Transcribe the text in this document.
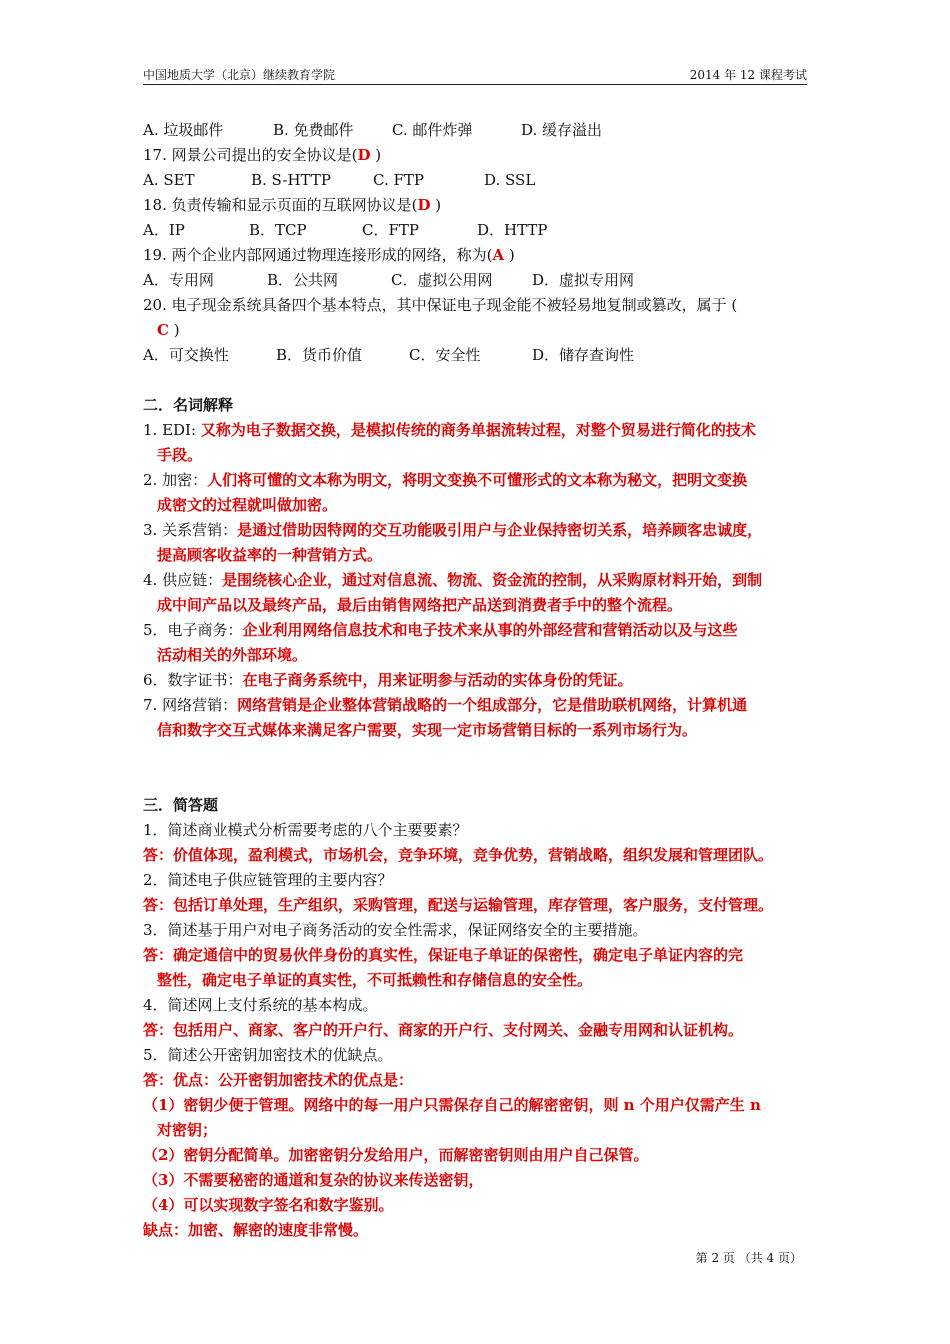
中国地质大学（北京）继续教育学院	2014 年 12 课程考试
A. 垃圾邮件	B. 免费邮件	C. 邮件炸弹	D. 缓存溢出
17. 网景公司提出的安全协议是(D )
A. SET	B. S-HTTP	C. FTP	D. SSL
18. 负责传输和显示页面的互联网协议是(D )
A．IP	B．TCP	C．FTP	D．HTTP
19. 两个企业内部网通过物理连接形成的网络，称为(A )
A．专用网	B．公共网	C．虚拟公用网	D．虚拟专用网
20. 电子现金系统具备四个基本特点，其中保证电子现金能不被轻易地复制或篡改，属于 (
C )
A．可交换性	B．货币价值	C．安全性	D．储存查询性
二．名词解释
1. EDI: 又称为电子数据交换，是模拟传统的商务单据流转过程，对整个贸易进行简化的技术
手段。
2. 加密：人们将可懂的文本称为明文，将明文变换不可懂形式的文本称为秘文，把明文变换
成密文的过程就叫做加密。
3. 关系营销：是通过借助因特网的交互功能吸引用户与企业保持密切关系，培养顾客忠诚度，
提高顾客收益率的一种营销方式。
4. 供应链：是围绕核心企业，通过对信息流、物流、资金流的控制，从采购原材料开始，到制
成中间产品以及最终产品，最后由销售网络把产品送到消费者手中的整个流程。
5．电子商务：企业利用网络信息技术和电子技术来从事的外部经营和营销活动以及与这些
活动相关的外部环境。
6．数字证书：在电子商务系统中，用来证明参与活动的实体身份的凭证。
7. 网络营销：网络营销是企业整体营销战略的一个组成部分，它是借助联机网络，计算机通
信和数字交互式媒体来满足客户需要，实现一定市场营销目标的一系列市场行为。
三．简答题
1．简述商业模式分析需要考虑的八个主要要素？
答：价值体现，盈利模式，市场机会，竞争环境，竞争优势，营销战略，组织发展和管理团队。
2．简述电子供应链管理的主要内容？
答：包括订单处理，生产组织，采购管理，配送与运输管理，库存管理，客户服务，支付管理。
3．简述基于用户对电子商务活动的安全性需求，保证网络安全的主要措施。
答：确定通信中的贸易伙伴身份的真实性，保证电子单证的保密性，确定电子单证内容的完
整性，确定电子单证的真实性，不可抵赖性和存储信息的安全性。
4．简述网上支付系统的基本构成。
答：包括用户、商家、客户的开户行、商家的开户行、支付网关、金融专用网和认证机构。
5．简述公开密钥加密技术的优缺点。
答：优点：公开密钥加密技术的优点是：
（1）密钥少便于管理。网络中的每一用户只需保存自己的解密密钥，则 n 个用户仅需产生 n
对密钥；
（2）密钥分配简单。加密密钥分发给用户，而解密密钥则由用户自己保管。
（3）不需要秘密的通道和复杂的协议来传送密钥，
（4）可以实现数字签名和数字鉴别。
缺点：加密、解密的速度非常慢。
第 2 页 （共 4 页）
